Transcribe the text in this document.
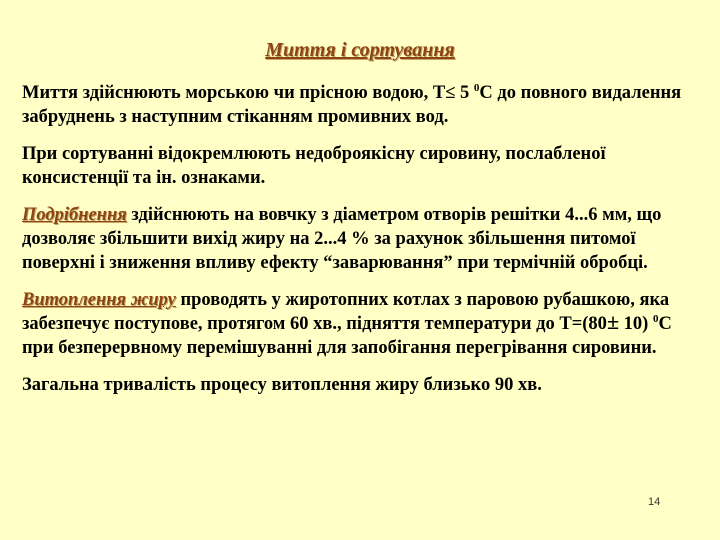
Миття і сортування

Миття здійснюють морською чи прісною водою, Т≤ 5 $^0$С до повного видалення забруднень з наступним стіканням промивних вод.

При сортуванні відокремлюють недоброякісну сировину, послабленої консистенції та ін. ознаками.

Подрібнення здійснюють на вовчку з діаметром отворів решітки 4...6 мм, що дозволяє збільшити вихід жиру на 2...4 % за рахунок збільшення питомої поверхні і зниження впливу ефекту “заварювання” при термічній обробці.

Витоплення жиру проводять у жиротопних котлах з паровою рубашкою, яка забезпечує поступове, протягом 60 хв., підняття температури до Т=(80± 10) $^0$С при безперервному перемішуванні для запобігання перегрівання сировини.

Загальна тривалість процесу витоплення жиру близько 90 хв.

14
